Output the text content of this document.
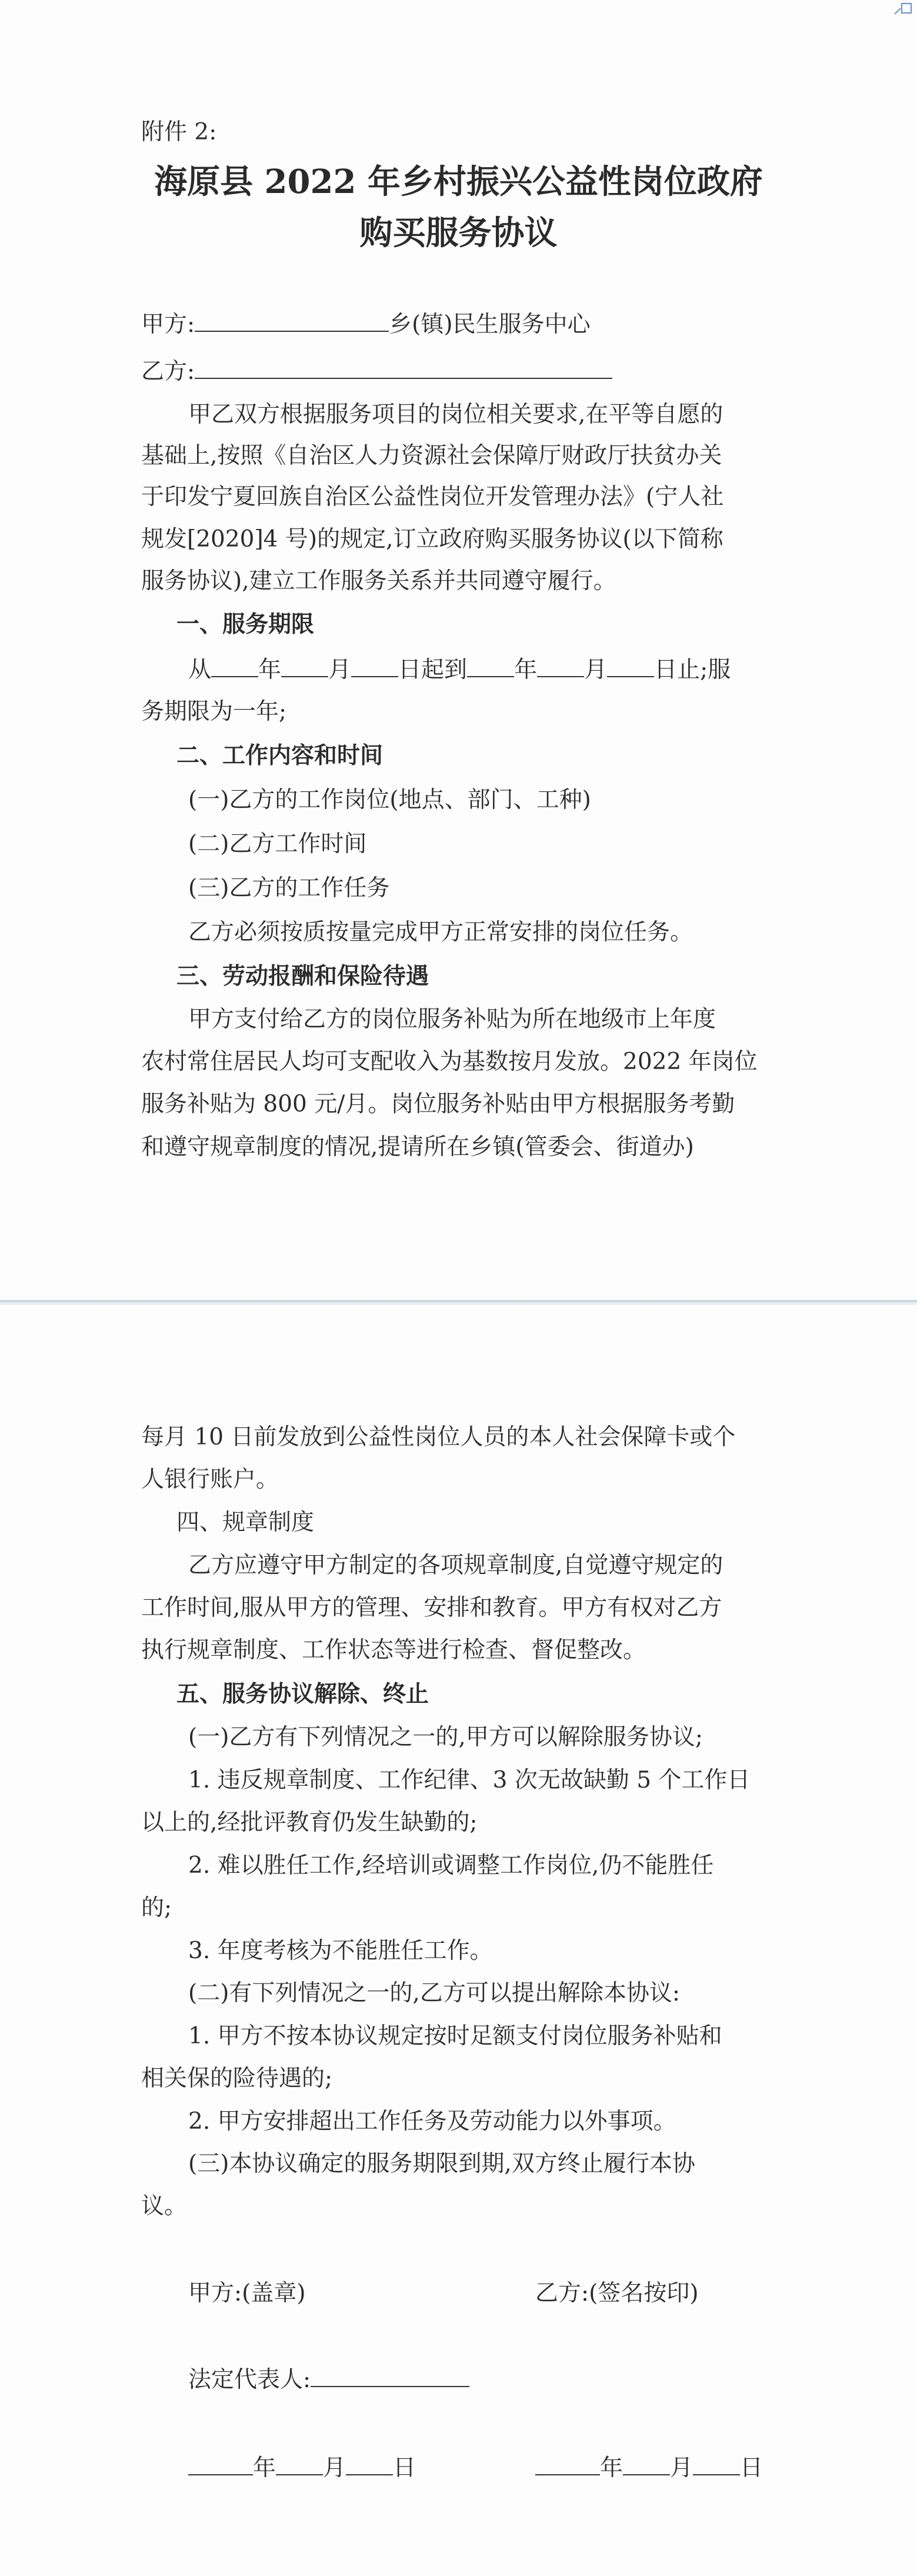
附件 2:
海原县 2022 年乡村振兴公益性岗位政府
购买服务协议
甲方:	乡(镇)民生服务中心
乙方:
甲乙双方根据服务项目的岗位相关要求,在平等自愿的
基础上,按照《自治区人力资源社会保障厅财政厅扶贫办关
于印发宁夏回族自治区公益性岗位开发管理办法》(宁人社
规发[2020]4 号)的规定,订立政府购买服务协议(以下简称
服务协议),建立工作服务关系并共同遵守履行。
一、服务期限
从 年 月 日起到 年 月 日止;服
务期限为一年;
二、工作内容和时间
(一)乙方的工作岗位(地点、部门、工种)
(二)乙方工作时间
(三)乙方的工作任务
乙方必须按质按量完成甲方正常安排的岗位任务。
三、劳动报酬和保险待遇
甲方支付给乙方的岗位服务补贴为所在地级市上年度
农村常住居民人均可支配收入为基数按月发放。2022 年岗位
服务补贴为 800 元/月。岗位服务补贴由甲方根据服务考勤
和遵守规章制度的情况,提请所在乡镇(管委会、街道办)
每月 10 日前发放到公益性岗位人员的本人社会保障卡或个
人银行账户。
四、规章制度
乙方应遵守甲方制定的各项规章制度,自觉遵守规定的
工作时间,服从甲方的管理、安排和教育。甲方有权对乙方
执行规章制度、工作状态等进行检查、督促整改。
五、服务协议解除、终止
(一)乙方有下列情况之一的,甲方可以解除服务协议;
1. 违反规章制度、工作纪律、3 次无故缺勤 5 个工作日
以上的,经批评教育仍发生缺勤的;
2. 难以胜任工作,经培训或调整工作岗位,仍不能胜任
的;
3. 年度考核为不能胜任工作。
(二)有下列情况之一的,乙方可以提出解除本协议:
1. 甲方不按本协议规定按时足额支付岗位服务补贴和
相关保的险待遇的;
2. 甲方安排超出工作任务及劳动能力以外事项。
(三)本协议确定的服务期限到期,双方终止履行本协
议。
甲方:(盖章)	乙方:(签名按印)
法定代表人:
年 月 日	年 月 日
